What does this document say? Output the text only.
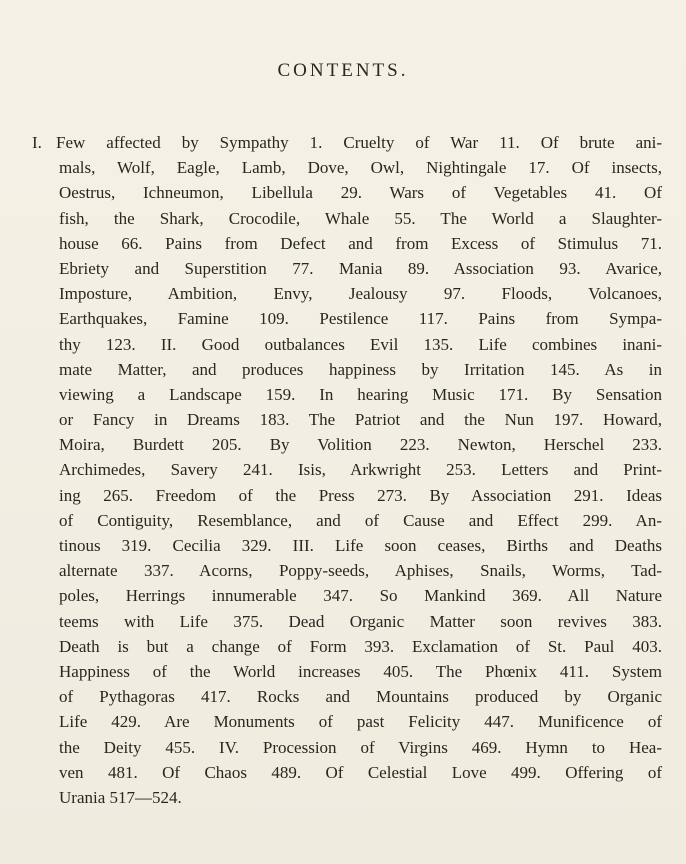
CONTENTS.
I. Few affected by Sympathy 1. Cruelty of War 11. Of brute ani-
mals, Wolf, Eagle, Lamb, Dove, Owl, Nightingale 17. Of insects,
Oestrus, Ichneumon, Libellula 29. Wars of Vegetables 41. Of
fish, the Shark, Crocodile, Whale 55. The World a Slaughter-
house 66. Pains from Defect and from Excess of Stimulus 71.
Ebriety and Superstition 77. Mania 89. Association 93. Avarice,
Imposture, Ambition, Envy, Jealousy 97. Floods, Volcanoes,
Earthquakes, Famine 109. Pestilence 117. Pains from Sympa-
thy 123. II. Good outbalances Evil 135. Life combines inani-
mate Matter, and produces happiness by Irritation 145. As in
viewing a Landscape 159. In hearing Music 171. By Sensation
or Fancy in Dreams 183. The Patriot and the Nun 197. Howard,
Moira, Burdett 205. By Volition 223. Newton, Herschel 233.
Archimedes, Savery 241. Isis, Arkwright 253. Letters and Print-
ing 265. Freedom of the Press 273. By Association 291. Ideas
of Contiguity, Resemblance, and of Cause and Effect 299. An-
tinous 319. Cecilia 329. III. Life soon ceases, Births and Deaths
alternate 337. Acorns, Poppy-seeds, Aphises, Snails, Worms, Tad-
poles, Herrings innumerable 347. So Mankind 369. All Nature
teems with Life 375. Dead Organic Matter soon revives 383.
Death is but a change of Form 393. Exclamation of St. Paul 403.
Happiness of the World increases 405. The Phœnix 411. System
of Pythagoras 417. Rocks and Mountains produced by Organic
Life 429. Are Monuments of past Felicity 447. Munificence of
the Deity 455. IV. Procession of Virgins 469. Hymn to Hea-
ven 481. Of Chaos 489. Of Celestial Love 499. Offering of
Urania 517—524.
